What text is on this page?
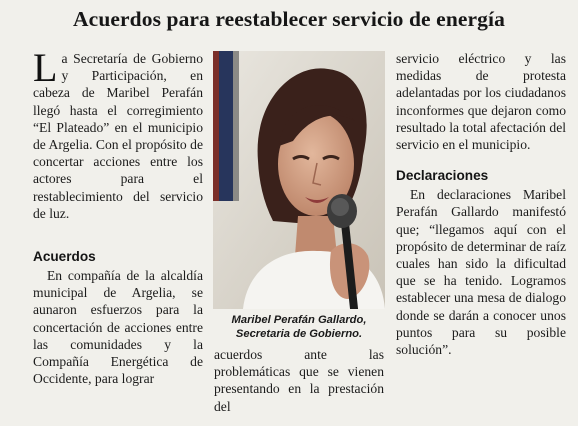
Acuerdos para reestablecer servicio de energía

La Secretaría de Gobierno y Participación, en cabeza de Maribel Perafán llegó hasta el corregimiento “El Plateado” en el municipio de Argelia. Con el propósito de concertar acciones entre los actores para el restablecimiento del servicio de luz.

Acuerdos

En compañía de la alcaldía municipal de Argelia, se aunaron esfuerzos para la concertación de acciones entre las comunidades y la Compañía Energética de Occidente, para lograr

Maribel Perafán Gallardo,
Secretaria de Gobierno.

acuerdos ante las problemáticas que se vienen presentando en la prestación del

servicio eléctrico y las medidas de protesta adelantadas por los ciudadanos inconformes que dejaron como resultado la total afectación del servicio en el municipio.

Declaraciones

En declaraciones Maribel Perafán Gallardo manifestó que; “llegamos aquí con el propósito de determinar de raíz cuales han sido la dificultad que se ha tenido. Logramos establecer una mesa de dialogo donde se darán a conocer unos puntos para su posible solución”.
